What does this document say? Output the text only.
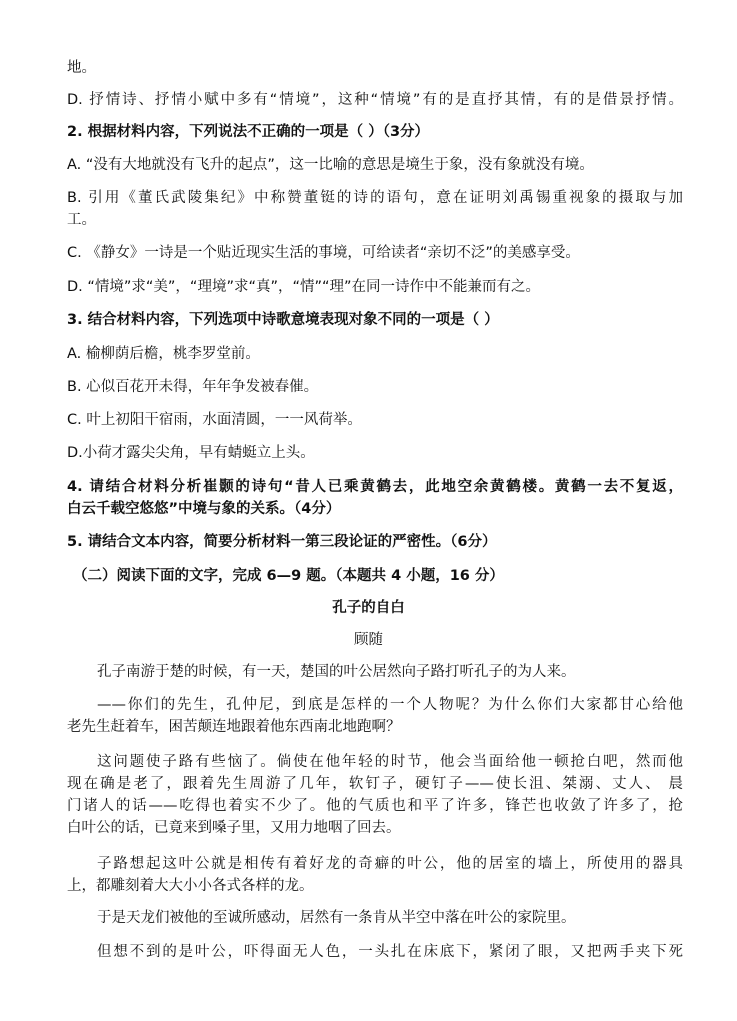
地。
D. 抒情诗、抒情小赋中多有“情境”，这种“情境”有的是直抒其情，有的是借景抒情。
2. 根据材料内容，下列说法不正确的一项是（ ）（3分）
A. “没有大地就没有飞升的起点”，这一比喻的意思是境生于象，没有象就没有境。
B. 引用《董氏武陵集纪》中称赞董铤的诗的语句，意在证明刘禹锡重视象的摄取与加
工。
C. 《静女》一诗是一个贴近现实生活的事境，可给读者“亲切不泛”的美感享受。
D. “情境”求“美”，“理境”求“真”，“情”“理”在同一诗作中不能兼而有之。
3. 结合材料内容，下列选项中诗歌意境表现对象不同的一项是（ ）
A. 榆柳荫后檐，桃李罗堂前。
B. 心似百花开未得，年年争发被春催。
C. 叶上初阳干宿雨，水面清圆，一一风荷举。
D.小荷才露尖尖角，早有蜻蜓立上头。
4. 请结合材料分析崔颢的诗句“昔人已乘黄鹤去，此地空余黄鹤楼。黄鹤一去不复返，
白云千载空悠悠”中境与象的关系。（4分）
5. 请结合文本内容，简要分析材料一第三段论证的严密性。（6分）
（二）阅读下面的文字，完成 6—9 题。（本题共 4 小题，16 分）
孔子的自白
顾随
孔子南游于楚的时候，有一天，楚国的叶公居然向子路打听孔子的为人来。
——你们的先生，孔仲尼，到底是怎样的一个人物呢？为什么你们大家都甘心给他
老先生赶着车，困苦颠连地跟着他东西南北地跑啊？
这问题使子路有些恼了。倘使在他年轻的时节，他会当面给他一顿抢白吧，然而他
现在确是老了，跟着先生周游了几年，软钉子，硬钉子——使长沮、桀溺、丈人、 晨
门诸人的话——吃得也着实不少了。他的气质也和平了许多，锋芒也收敛了许多了，抢
白叶公的话，已竟来到嗓子里，又用力地咽了回去。
子路想起这叶公就是相传有着好龙的奇癖的叶公，他的居室的墙上，所使用的器具
上，都雕刻着大大小小各式各样的龙。
于是天龙们被他的至诚所感动，居然有一条肯从半空中落在叶公的家院里。
但想不到的是叶公，吓得面无人色，一头扎在床底下，紧闭了眼，又把两手夹下死
